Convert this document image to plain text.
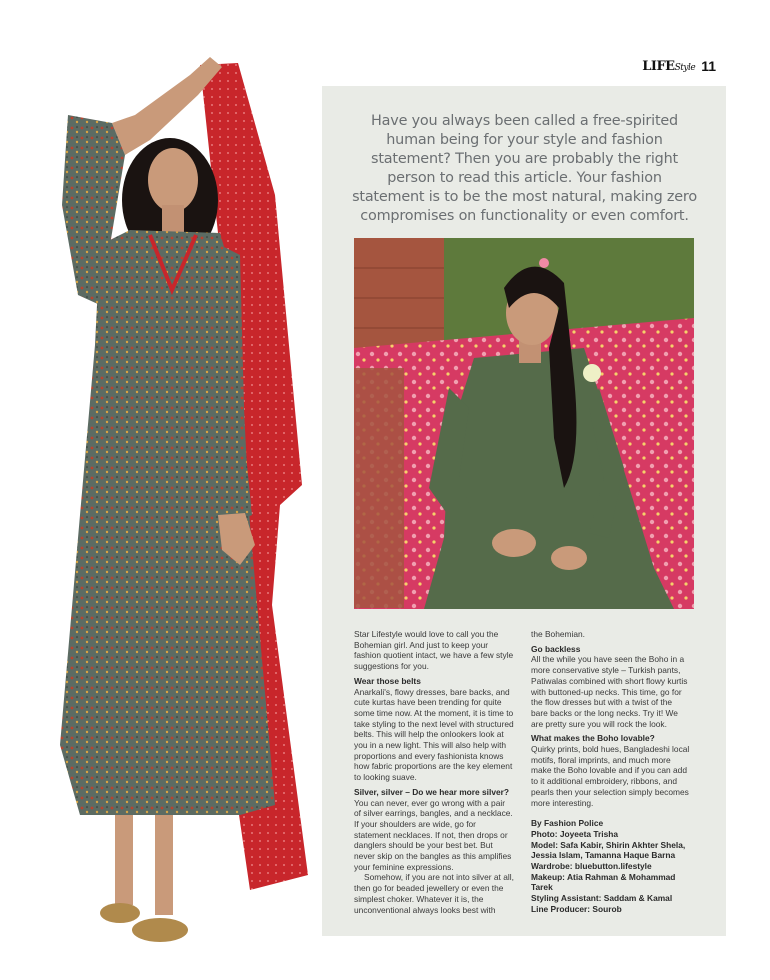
LIFEStyle 11

Have you always been called a free-spirited human being for your style and fashion statement? Then you are probably the right person to read this article. Your fashion statement is to be the most natural, making zero compromises on functionality or even comfort.

Star Lifestyle would love to call you the Bohemian girl. And just to keep your fashion quotient intact, we have a few style suggestions for you.

Wear those belts

Anarkali's, flowy dresses, bare backs, and cute kurtas have been trending for quite some time now. At the moment, it is time to take styling to the next level with structured belts. This will help the onlookers look at you in a new light. This will also help with proportions and every fashionista knows how fabric proportions are the key element to looking suave.

Silver, silver – Do we hear more silver?

You can never, ever go wrong with a pair of silver earrings, bangles, and a necklace. If your shoulders are wide, go for statement necklaces. If not, then drops or danglers should be your best bet. But never skip on the bangles as this amplifies your feminine expressions.

Somehow, if you are not into silver at all, then go for beaded jewellery or even the simplest choker. Whatever it is, the unconventional always looks best with

the Bohemian.

Go backless

All the while you have seen the Boho in a more conservative style – Turkish pants, Patiwalas combined with short flowy kurtis with buttoned-up necks. This time, go for the flow dresses but with a twist of the bare backs or the long necks. Try it! We are pretty sure you will rock the look.

What makes the Boho lovable?

Quirky prints, bold hues, Bangladeshi local motifs, floral imprints, and much more make the Boho lovable and if you can add to it additional embroidery, ribbons, and pearls then your selection simply becomes more interesting.

By Fashion Police
Photo: Joyeeta Trisha
Model: Safa Kabir, Shirin Akhter Shela, Jessia Islam, Tamanna Haque Barna
Wardrobe: bluebutton.lifestyle
Makeup: Atia Rahman & Mohammad Tarek
Styling Assistant: Saddam & Kamal
Line Producer: Sourob
